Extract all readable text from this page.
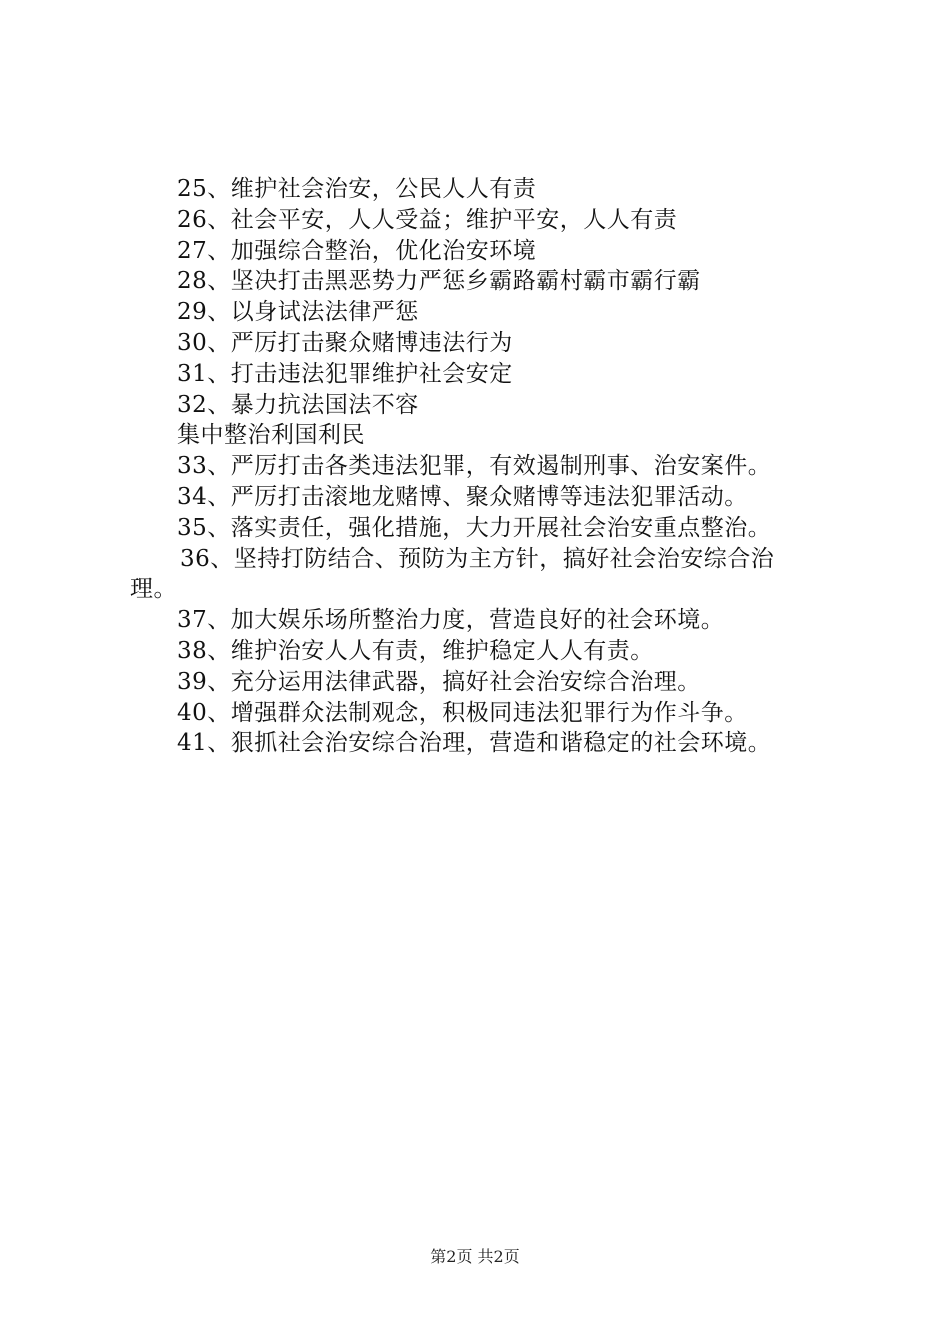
25、维护社会治安，公民人人有责
26、社会平安，人人受益；维护平安，人人有责
27、加强综合整治，优化治安环境
28、坚决打击黑恶势力严惩乡霸路霸村霸市霸行霸
29、以身试法法律严惩
30、严厉打击聚众赌博违法行为
31、打击违法犯罪维护社会安定
32、暴力抗法国法不容
集中整治利国利民
33、严厉打击各类违法犯罪，有效遏制刑事、治安案件。
34、严厉打击滚地龙赌博、聚众赌博等违法犯罪活动。
35、落实责任，强化措施，大力开展社会治安重点整治。
36、坚持打防结合、预防为主方针，搞好社会治安综合治
理。
37、加大娱乐场所整治力度，营造良好的社会环境。
38、维护治安人人有责，维护稳定人人有责。
39、充分运用法律武器，搞好社会治安综合治理。
40、增强群众法制观念，积极同违法犯罪行为作斗争。
41、狠抓社会治安综合治理，营造和谐稳定的社会环境。
第2页 共2页
